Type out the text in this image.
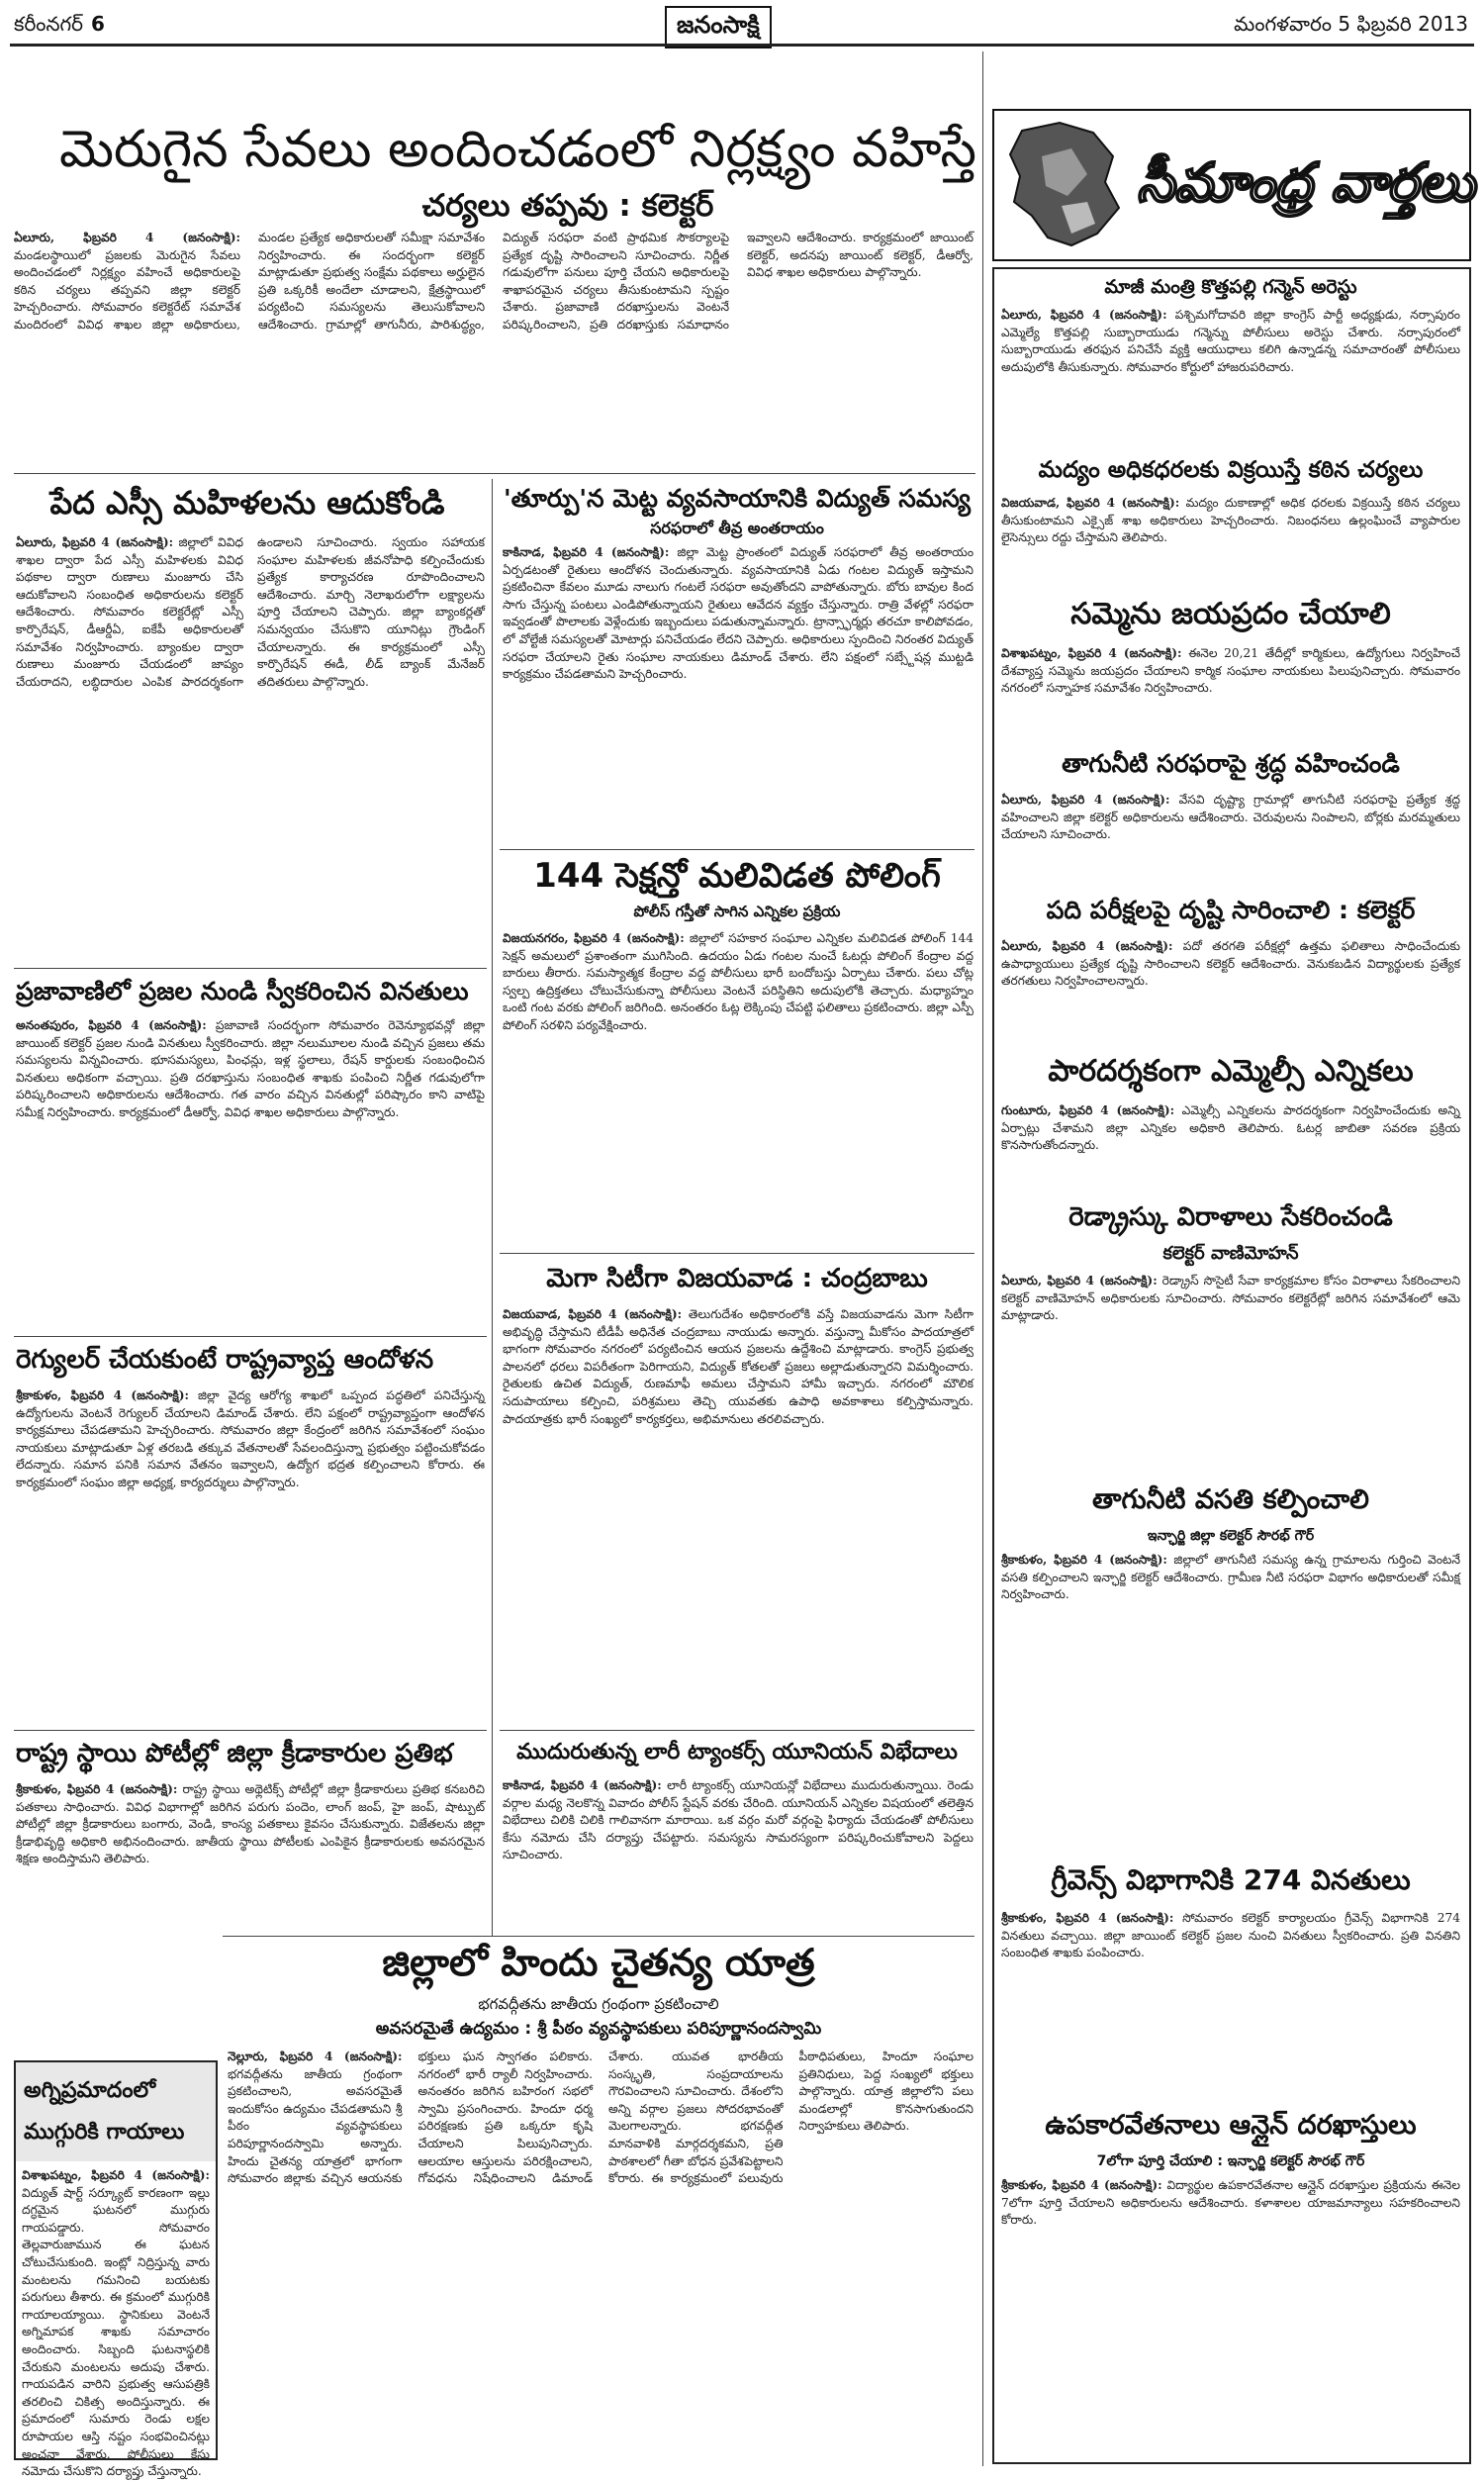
కరీంనగర్ 6	జనంసాక్షి	మంగళవారం 5 ఫిబ్రవరి 2013
మెరుగైన సేవలు అందించడంలో నిర్లక్ష్యం వహిస్తే
చర్యలు తప్పవు : కలెక్టర్
ఏలూరు, ఫిబ్రవరి 4 (జనంసాక్షి): మండలస్థాయిలో ప్రజలకు మెరుగైన సేవలు అందించడంలో నిర్లక్ష్యం వహించే అధికారులపై కఠిన చర్యలు తప్పవని జిల్లా కలెక్టర్ హెచ్చరించారు. సోమవారం కలెక్టరేట్ సమావేశ మందిరంలో వివిధ శాఖల జిల్లా అధికారులు, మండల ప్రత్యేక అధికారులతో సమీక్షా సమావేశం నిర్వహించారు. ఈ సందర్భంగా కలెక్టర్ మాట్లాడుతూ ప్రభుత్వ సంక్షేమ పథకాలు అర్హులైన ప్రతి ఒక్కరికీ అందేలా చూడాలని, క్షేత్రస్థాయిలో పర్యటించి సమస్యలను తెలుసుకోవాలని ఆదేశించారు. గ్రామాల్లో తాగునీరు, పారిశుద్ధ్యం, విద్యుత్ సరఫరా వంటి ప్రాథమిక సౌకర్యాలపై ప్రత్యేక దృష్టి సారించాలని సూచించారు. నిర్ణీత గడువులోగా పనులు పూర్తి చేయని అధికారులపై శాఖాపరమైన చర్యలు తీసుకుంటామని స్పష్టం చేశారు. ప్రజావాణి దరఖాస్తులను వెంటనే పరిష్కరించాలని, ప్రతి దరఖాస్తుకు సమాధానం ఇవ్వాలని ఆదేశించారు. కార్యక్రమంలో జాయింట్ కలెక్టర్, అదనపు జాయింట్ కలెక్టర్, డీఆర్వో, వివిధ శాఖల అధికారులు పాల్గొన్నారు.
పేద ఎస్సీ మహిళలను ఆదుకోండి
ఏలూరు, ఫిబ్రవరి 4 (జనంసాక్షి): జిల్లాలో వివిధ శాఖల ద్వారా పేద ఎస్సీ మహిళలకు వివిధ పథకాల ద్వారా రుణాలు మంజూరు చేసి ఆదుకోవాలని సంబంధిత అధికారులను కలెక్టర్ ఆదేశించారు. సోమవారం కలెక్టరేట్లో ఎస్సీ కార్పొరేషన్, డీఆర్డీఏ, ఐకేపీ అధికారులతో సమావేశం నిర్వహించారు. బ్యాంకుల ద్వారా రుణాలు మంజూరు చేయడంలో జాప్యం చేయరాదని, లబ్ధిదారుల ఎంపిక పారదర్శకంగా ఉండాలని సూచించారు. స్వయం సహాయక సంఘాల మహిళలకు జీవనోపాధి కల్పించేందుకు ప్రత్యేక కార్యాచరణ రూపొందించాలని ఆదేశించారు. మార్చి నెలాఖరులోగా లక్ష్యాలను పూర్తి చేయాలని చెప్పారు. జిల్లా బ్యాంకర్లతో సమన్వయం చేసుకొని యూనిట్లు గ్రౌండింగ్ చేయాలన్నారు. ఈ కార్యక్రమంలో ఎస్సీ కార్పొరేషన్ ఈడీ, లీడ్ బ్యాంక్ మేనేజర్ తదితరులు పాల్గొన్నారు.
ప్రజావాణిలో ప్రజల నుండి స్వీకరించిన వినతులు
అనంతపురం, ఫిబ్రవరి 4 (జనంసాక్షి): ప్రజావాణి సందర్భంగా సోమవారం రెవెన్యూభవన్లో జిల్లా జాయింట్ కలెక్టర్ ప్రజల నుండి వినతులు స్వీకరించారు. జిల్లా నలుమూలల నుండి వచ్చిన ప్రజలు తమ సమస్యలను విన్నవించారు. భూసమస్యలు, పింఛన్లు, ఇళ్ల స్థలాలు, రేషన్ కార్డులకు సంబంధించిన వినతులు అధికంగా వచ్చాయి. ప్రతి దరఖాస్తును సంబంధిత శాఖకు పంపించి నిర్ణీత గడువులోగా పరిష్కరించాలని అధికారులను ఆదేశించారు. గత వారం వచ్చిన వినతుల్లో పరిష్కారం కాని వాటిపై సమీక్ష నిర్వహించారు. కార్యక్రమంలో డీఆర్వో, వివిధ శాఖల అధికారులు పాల్గొన్నారు.
రెగ్యులర్ చేయకుంటే రాష్ట్రవ్యాప్త ఆందోళన
శ్రీకాకుళం, ఫిబ్రవరి 4 (జనంసాక్షి): జిల్లా వైద్య ఆరోగ్య శాఖలో ఒప్పంద పద్ధతిలో పనిచేస్తున్న ఉద్యోగులను వెంటనే రెగ్యులర్ చేయాలని డిమాండ్ చేశారు. లేని పక్షంలో రాష్ట్రవ్యాప్తంగా ఆందోళన కార్యక్రమాలు చేపడతామని హెచ్చరించారు. సోమవారం జిల్లా కేంద్రంలో జరిగిన సమావేశంలో సంఘం నాయకులు మాట్లాడుతూ ఏళ్ల తరబడి తక్కువ వేతనాలతో సేవలందిస్తున్నా ప్రభుత్వం పట్టించుకోవడం లేదన్నారు. సమాన పనికి సమాన వేతనం ఇవ్వాలని, ఉద్యోగ భద్రత కల్పించాలని కోరారు. ఈ కార్యక్రమంలో సంఘం జిల్లా అధ్యక్ష, కార్యదర్శులు పాల్గొన్నారు.
రాష్ట్ర స్థాయి పోటీల్లో జిల్లా క్రీడాకారుల ప్రతిభ
శ్రీకాకుళం, ఫిబ్రవరి 4 (జనంసాక్షి): రాష్ట్ర స్థాయి అథ్లెటిక్స్ పోటీల్లో జిల్లా క్రీడాకారులు ప్రతిభ కనబరిచి పతకాలు సాధించారు. వివిధ విభాగాల్లో జరిగిన పరుగు పందెం, లాంగ్ జంప్, హై జంప్, షాట్పుట్ పోటీల్లో జిల్లా క్రీడాకారులు బంగారు, వెండి, కాంస్య పతకాలు కైవసం చేసుకున్నారు. విజేతలను జిల్లా క్రీడాభివృద్ధి అధికారి అభినందించారు. జాతీయ స్థాయి పోటీలకు ఎంపికైన క్రీడాకారులకు అవసరమైన శిక్షణ అందిస్తామని తెలిపారు.
అగ్నిప్రమాదంలో ముగ్గురికి గాయాలు
విశాఖపట్నం, ఫిబ్రవరి 4 (జనంసాక్షి): విద్యుత్ షార్ట్ సర్క్యూట్ కారణంగా ఇల్లు దగ్ధమైన ఘటనలో ముగ్గురు గాయపడ్డారు. సోమవారం తెల్లవారుజామున ఈ ఘటన చోటుచేసుకుంది. ఇంట్లో నిద్రిస్తున్న వారు మంటలను గమనించి బయటకు పరుగులు తీశారు. ఈ క్రమంలో ముగ్గురికి గాయాలయ్యాయి. స్థానికులు వెంటనే అగ్నిమాపక శాఖకు సమాచారం అందించారు. సిబ్బంది ఘటనాస్థలికి చేరుకుని మంటలను అదుపు చేశారు. గాయపడిన వారిని ప్రభుత్వ ఆసుపత్రికి తరలించి చికిత్స అందిస్తున్నారు. ఈ ప్రమాదంలో సుమారు రెండు లక్షల రూపాయల ఆస్తి నష్టం సంభవించినట్లు అంచనా వేశారు. పోలీసులు కేసు నమోదు చేసుకొని దర్యాప్తు చేస్తున్నారు.
'తూర్పు'న మెట్ట వ్యవసాయానికి విద్యుత్ సమస్య
సరఫరాలో తీవ్ర అంతరాయం
కాకినాడ, ఫిబ్రవరి 4 (జనంసాక్షి): జిల్లా మెట్ట ప్రాంతంలో విద్యుత్ సరఫరాలో తీవ్ర అంతరాయం ఏర్పడటంతో రైతులు ఆందోళన చెందుతున్నారు. వ్యవసాయానికి ఏడు గంటల విద్యుత్ ఇస్తామని ప్రకటించినా కేవలం మూడు నాలుగు గంటలే సరఫరా అవుతోందని వాపోతున్నారు. బోరు బావుల కింద సాగు చేస్తున్న పంటలు ఎండిపోతున్నాయని రైతులు ఆవేదన వ్యక్తం చేస్తున్నారు. రాత్రి వేళల్లో సరఫరా ఇవ్వడంతో పొలాలకు వెళ్లేందుకు ఇబ్బందులు పడుతున్నామన్నారు. ట్రాన్స్ఫార్మర్లు తరచూ కాలిపోవడం, లో వోల్టేజీ సమస్యలతో మోటార్లు పనిచేయడం లేదని చెప్పారు. అధికారులు స్పందించి నిరంతర విద్యుత్ సరఫరా చేయాలని రైతు సంఘాల నాయకులు డిమాండ్ చేశారు. లేని పక్షంలో సబ్స్టేషన్ల ముట్టడి కార్యక్రమం చేపడతామని హెచ్చరించారు.
144 సెక్షన్తో మలివిడత పోలింగ్
పోలీస్ గస్తీతో సాగిన ఎన్నికల ప్రక్రియ
విజయనగరం, ఫిబ్రవరి 4 (జనంసాక్షి): జిల్లాలో సహకార సంఘాల ఎన్నికల మలివిడత పోలింగ్ 144 సెక్షన్ అమలులో ప్రశాంతంగా ముగిసింది. ఉదయం ఏడు గంటల నుంచే ఓటర్లు పోలింగ్ కేంద్రాల వద్ద బారులు తీరారు. సమస్యాత్మక కేంద్రాల వద్ద పోలీసులు భారీ బందోబస్తు ఏర్పాటు చేశారు. పలు చోట్ల స్వల్ప ఉద్రిక్తతలు చోటుచేసుకున్నా పోలీసులు వెంటనే పరిస్థితిని అదుపులోకి తెచ్చారు. మధ్యాహ్నం ఒంటి గంట వరకు పోలింగ్ జరిగింది. అనంతరం ఓట్ల లెక్కింపు చేపట్టి ఫలితాలు ప్రకటించారు. జిల్లా ఎస్పీ పోలింగ్ సరళిని పర్యవేక్షించారు.
మెగా సిటీగా విజయవాడ : చంద్రబాబు
విజయవాడ, ఫిబ్రవరి 4 (జనంసాక్షి): తెలుగుదేశం అధికారంలోకి వస్తే విజయవాడను మెగా సిటీగా అభివృద్ధి చేస్తామని టీడీపీ అధినేత చంద్రబాబు నాయుడు అన్నారు. వస్తున్నా మీకోసం పాదయాత్రలో భాగంగా సోమవారం నగరంలో పర్యటించిన ఆయన ప్రజలను ఉద్దేశించి మాట్లాడారు. కాంగ్రెస్ ప్రభుత్వ పాలనలో ధరలు విపరీతంగా పెరిగాయని, విద్యుత్ కోతలతో ప్రజలు అల్లాడుతున్నారని విమర్శించారు. రైతులకు ఉచిత విద్యుత్, రుణమాఫీ అమలు చేస్తామని హామీ ఇచ్చారు. నగరంలో మౌలిక సదుపాయాలు కల్పించి, పరిశ్రమలు తెచ్చి యువతకు ఉపాధి అవకాశాలు కల్పిస్తామన్నారు. పాదయాత్రకు భారీ సంఖ్యలో కార్యకర్తలు, అభిమానులు తరలివచ్చారు.
ముదురుతున్న లారీ ట్యాంకర్స్ యూనియన్ విభేదాలు
కాకినాడ, ఫిబ్రవరి 4 (జనంసాక్షి): లారీ ట్యాంకర్స్ యూనియన్లో విభేదాలు ముదురుతున్నాయి. రెండు వర్గాల మధ్య నెలకొన్న వివాదం పోలీస్ స్టేషన్ వరకు చేరింది. యూనియన్ ఎన్నికల విషయంలో తలెత్తిన విభేదాలు చిలికి చిలికి గాలివానగా మారాయి. ఒక వర్గం మరో వర్గంపై ఫిర్యాదు చేయడంతో పోలీసులు కేసు నమోదు చేసి దర్యాప్తు చేపట్టారు. సమస్యను సామరస్యంగా పరిష్కరించుకోవాలని పెద్దలు సూచించారు.
జిల్లాలో హిందు చైతన్య యాత్ర
భగవద్గీతను జాతీయ గ్రంథంగా ప్రకటించాలి
అవసరమైతే ఉద్యమం : శ్రీ పీఠం వ్యవస్థాపకులు పరిపూర్ణానందస్వామి
నెల్లూరు, ఫిబ్రవరి 4 (జనంసాక్షి): భగవద్గీతను జాతీయ గ్రంథంగా ప్రకటించాలని, అవసరమైతే ఇందుకోసం ఉద్యమం చేపడతామని శ్రీ పీఠం వ్యవస్థాపకులు పరిపూర్ణానందస్వామి అన్నారు. హిందు చైతన్య యాత్రలో భాగంగా సోమవారం జిల్లాకు వచ్చిన ఆయనకు భక్తులు ఘన స్వాగతం పలికారు. నగరంలో భారీ ర్యాలీ నిర్వహించారు. అనంతరం జరిగిన బహిరంగ సభలో స్వామి ప్రసంగించారు. హిందూ ధర్మ పరిరక్షణకు ప్రతి ఒక్కరూ కృషి చేయాలని పిలుపునిచ్చారు. ఆలయాల ఆస్తులను పరిరక్షించాలని, గోవధను నిషేధించాలని డిమాండ్ చేశారు. యువత భారతీయ సంస్కృతి, సంప్రదాయాలను గౌరవించాలని సూచించారు. దేశంలోని అన్ని వర్గాల ప్రజలు సోదరభావంతో మెలగాలన్నారు. భగవద్గీత మానవాళికి మార్గదర్శకమని, ప్రతి పాఠశాలలో గీతా బోధన ప్రవేశపెట్టాలని కోరారు. ఈ కార్యక్రమంలో పలువురు పీఠాధిపతులు, హిందూ సంఘాల ప్రతినిధులు, పెద్ద సంఖ్యలో భక్తులు పాల్గొన్నారు. యాత్ర జిల్లాలోని పలు మండలాల్లో కొనసాగుతుందని నిర్వాహకులు తెలిపారు.
సీమాంధ్ర వార్తలు
మాజీ మంత్రి కొత్తపల్లి గన్మెన్ అరెస్టు
ఏలూరు, ఫిబ్రవరి 4 (జనంసాక్షి): పశ్చిమగోదావరి జిల్లా కాంగ్రెస్ పార్టీ అధ్యక్షుడు, నర్సాపురం ఎమ్మెల్యే కొత్తపల్లి సుబ్బారాయుడు గన్మెన్ను పోలీసులు అరెస్టు చేశారు. నర్సాపురంలో సుబ్బారాయుడు తరఫున పనిచేసే వ్యక్తి ఆయుధాలు కలిగి ఉన్నాడన్న సమాచారంతో పోలీసులు అదుపులోకి తీసుకున్నారు. సోమవారం కోర్టులో హాజరుపరిచారు.
మద్యం అధికధరలకు విక్రయిస్తే కఠిన చర్యలు
విజయవాడ, ఫిబ్రవరి 4 (జనంసాక్షి): మద్యం దుకాణాల్లో అధిక ధరలకు విక్రయిస్తే కఠిన చర్యలు తీసుకుంటామని ఎక్సైజ్ శాఖ అధికారులు హెచ్చరించారు. నిబంధనలు ఉల్లంఘించే వ్యాపారుల లైసెన్సులు రద్దు చేస్తామని తెలిపారు.
సమ్మెను జయప్రదం చేయాలి
విశాఖపట్నం, ఫిబ్రవరి 4 (జనంసాక్షి): ఈనెల 20,21 తేదీల్లో కార్మికులు, ఉద్యోగులు నిర్వహించే దేశవ్యాప్త సమ్మెను జయప్రదం చేయాలని కార్మిక సంఘాల నాయకులు పిలుపునిచ్చారు. సోమవారం నగరంలో సన్నాహక సమావేశం నిర్వహించారు.
తాగునీటి సరఫరాపై శ్రద్ధ వహించండి
ఏలూరు, ఫిబ్రవరి 4 (జనంసాక్షి): వేసవి దృష్ట్యా గ్రామాల్లో తాగునీటి సరఫరాపై ప్రత్యేక శ్రద్ధ వహించాలని జిల్లా కలెక్టర్ అధికారులను ఆదేశించారు. చెరువులను నింపాలని, బోర్లకు మరమ్మతులు చేయాలని సూచించారు.
పది పరీక్షలపై దృష్టి సారించాలి : కలెక్టర్
ఏలూరు, ఫిబ్రవరి 4 (జనంసాక్షి): పదో తరగతి పరీక్షల్లో ఉత్తమ ఫలితాలు సాధించేందుకు ఉపాధ్యాయులు ప్రత్యేక దృష్టి సారించాలని కలెక్టర్ ఆదేశించారు. వెనుకబడిన విద్యార్థులకు ప్రత్యేక తరగతులు నిర్వహించాలన్నారు.
పారదర్శకంగా ఎమ్మెల్సీ ఎన్నికలు
గుంటూరు, ఫిబ్రవరి 4 (జనంసాక్షి): ఎమ్మెల్సీ ఎన్నికలను పారదర్శకంగా నిర్వహించేందుకు అన్ని ఏర్పాట్లు చేశామని జిల్లా ఎన్నికల అధికారి తెలిపారు. ఓటర్ల జాబితా సవరణ ప్రక్రియ కొనసాగుతోందన్నారు.
రెడ్క్రాస్కు విరాళాలు సేకరించండి
కలెక్టర్ వాణిమోహన్
ఏలూరు, ఫిబ్రవరి 4 (జనంసాక్షి): రెడ్క్రాస్ సొసైటీ సేవా కార్యక్రమాల కోసం విరాళాలు సేకరించాలని కలెక్టర్ వాణిమోహన్ అధికారులకు సూచించారు. సోమవారం కలెక్టరేట్లో జరిగిన సమావేశంలో ఆమె మాట్లాడారు.
తాగునీటి వసతి కల్పించాలి
ఇన్ఛార్జి జిల్లా కలెక్టర్ సౌరభ్ గౌర్
శ్రీకాకుళం, ఫిబ్రవరి 4 (జనంసాక్షి): జిల్లాలో తాగునీటి సమస్య ఉన్న గ్రామాలను గుర్తించి వెంటనే వసతి కల్పించాలని ఇన్ఛార్జి కలెక్టర్ ఆదేశించారు. గ్రామీణ నీటి సరఫరా విభాగం అధికారులతో సమీక్ష నిర్వహించారు.
గ్రీవెన్స్ విభాగానికి 274 వినతులు
శ్రీకాకుళం, ఫిబ్రవరి 4 (జనంసాక్షి): సోమవారం కలెక్టర్ కార్యాలయం గ్రీవెన్స్ విభాగానికి 274 వినతులు వచ్చాయి. జిల్లా జాయింట్ కలెక్టర్ ప్రజల నుంచి వినతులు స్వీకరించారు. ప్రతి వినతిని సంబంధిత శాఖకు పంపించారు.
ఉపకారవేతనాలు ఆన్లైన్ దరఖాస్తులు
7లోగా పూర్తి చేయాలి : ఇన్ఛార్జి కలెక్టర్ సౌరభ్ గౌర్
శ్రీకాకుళం, ఫిబ్రవరి 4 (జనంసాక్షి): విద్యార్థుల ఉపకారవేతనాల ఆన్లైన్ దరఖాస్తుల ప్రక్రియను ఈనెల 7లోగా పూర్తి చేయాలని అధికారులను ఆదేశించారు. కళాశాలల యాజమాన్యాలు సహకరించాలని కోరారు.
